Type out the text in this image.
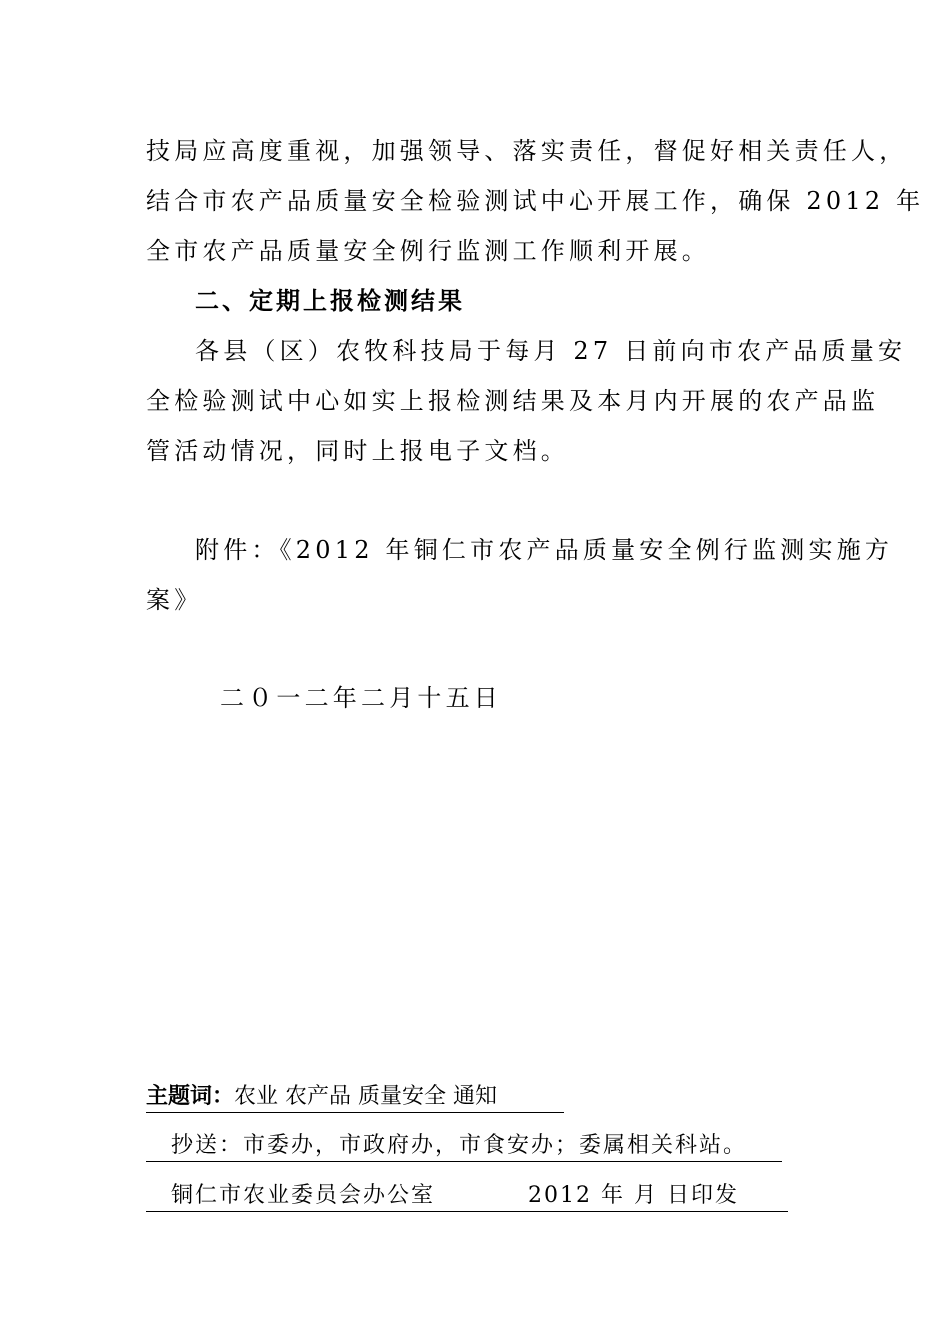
技局应高度重视，加强领导、落实责任，督促好相关责任人，
结合市农产品质量安全检验测试中心开展工作，确保 2012 年
全市农产品质量安全例行监测工作顺利开展。
二、定期上报检测结果
各县（区）农牧科技局于每月 27 日前向市农产品质量安
全检验测试中心如实上报检测结果及本月内开展的农产品监
管活动情况，同时上报电子文档。
附件：《2012 年铜仁市农产品质量安全例行监测实施方
案》
二０一二年二月十五日
主题词：农业 农产品 质量安全 通知
抄送：市委办，市政府办，市食安办；委属相关科站。
铜仁市农业委员会办公室	2012 年 月 日印发
